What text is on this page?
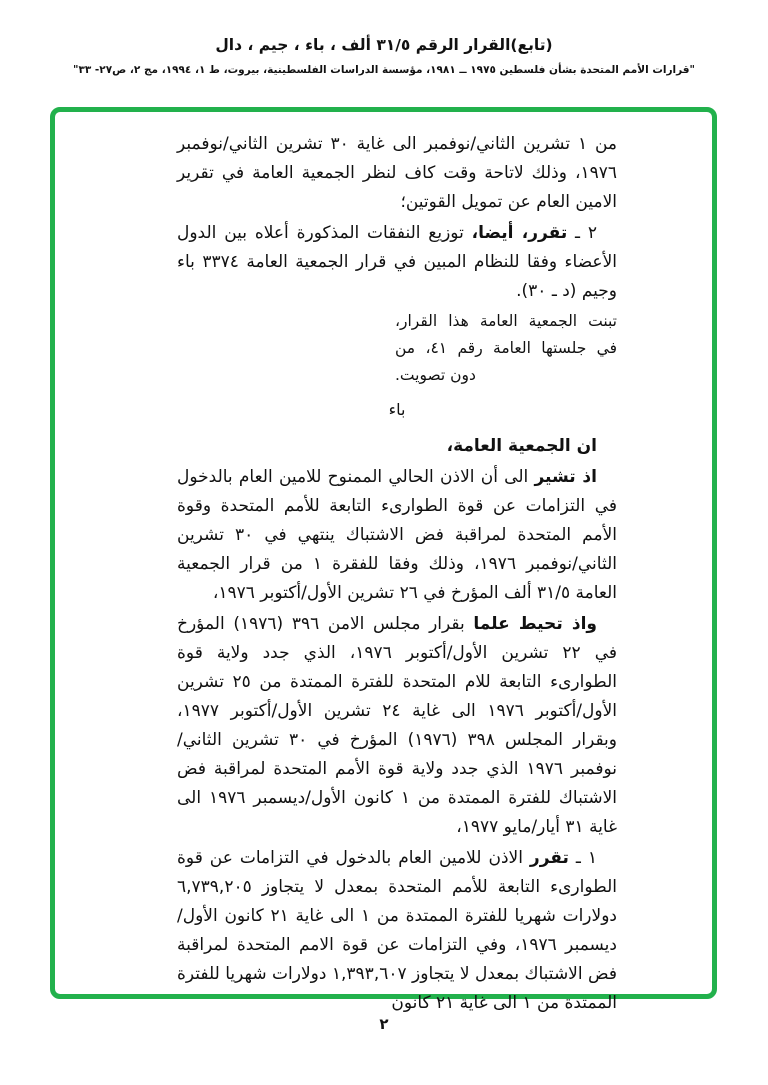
(تابع)القرار الرقم ٣١/٥ ألف ، باء ، جيم ، دال
"قرارات الأمم المتحدة بشأن فلسطين ١٩٧٥ ــ ١٩٨١، مؤسسة الدراسات الفلسطينية، بيروت، ط ١، ١٩٩٤، مج ٢، ص٢٧- ٣٣"

من ١ تشرين الثاني/نوفمبر الى غاية ٣٠ تشرين الثاني/نوفمبر ١٩٧٦، وذلك لاتاحة وقت كاف لنظر الجمعية العامة في تقرير الامين العام عن تمويل القوتين؛

٢ ـ تقرر، أيضا، توزيع النفقات المذكورة أعلاه بين الدول الأعضاء وفقا للنظام المبين في قرار الجمعية العامة ٣٣٧٤ باء وجيم (د ـ ٣٠).

تبنت الجمعية العامة هذا القرار، في جلستها العامة رقم ٤١، من دون تصويت.

باء

ان الجمعية العامة،

اذ تشير الى أن الاذن الحالي الممنوح للامين العام بالدخول في التزامات عن قوة الطوارىء التابعة للأمم المتحدة وقوة الأمم المتحدة لمراقبة فض الاشتباك ينتهي في ٣٠ تشرين الثاني/نوفمبر ١٩٧٦، وذلك وفقا للفقرة ١ من قرار الجمعية العامة ٣١/٥ ألف المؤرخ في ٢٦ تشرين الأول/أكتوبر ١٩٧٦،

واذ تحيط علما بقرار مجلس الامن ٣٩٦ (١٩٧٦) المؤرخ في ٢٢ تشرين الأول/أكتوبر ١٩٧٦، الذي جدد ولاية قوة الطوارىء التابعة للام المتحدة للفترة الممتدة من ٢٥ تشرين الأول/أكتوبر ١٩٧٦ الى غاية ٢٤ تشرين الأول/أكتوبر ١٩٧٧، وبقرار المجلس ٣٩٨ (١٩٧٦) المؤرخ في ٣٠ تشرين الثاني/نوفمبر ١٩٧٦ الذي جدد ولاية قوة الأمم المتحدة لمراقبة فض الاشتباك للفترة الممتدة من ١ كانون الأول/ديسمبر ١٩٧٦ الى غاية ٣١ أيار/مايو ١٩٧٧،

١ ـ تقرر الاذن للامين العام بالدخول في التزامات عن قوة الطوارىء التابعة للأمم المتحدة بمعدل لا يتجاوز ٦,٧٣٩,٢٠٥ دولارات شهريا للفترة الممتدة من ١ الى غاية ٢١ كانون الأول/ديسمبر ١٩٧٦، وفي التزامات عن قوة الامم المتحدة لمراقبة فض الاشتباك بمعدل لا يتجاوز ١,٣٩٣,٦٠٧ دولارات شهريا للفترة الممتدة من ١ الى غاية ٢١ كانون

٢
